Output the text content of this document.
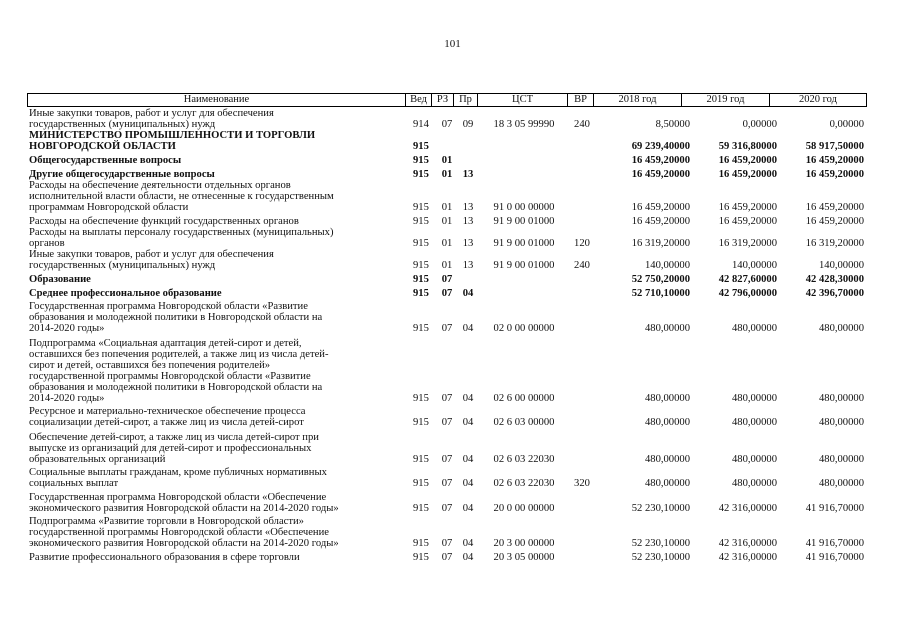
101
Наименование	Вед РЗ	Пр	ЦСТ	ВР	2018 год	2019 год	2020 год
Иные закупки товаров, работ и услуг для обеспечения
государственных (муниципальных) нужд	914	07 09	18 3 05 99990	240	8,50000	0,00000	0,00000
МИНИСТЕРСТВО ПРОМЫШЛЕННОСТИ И ТОРГОВЛИ
НОВГОРОДСКОЙ ОБЛАСТИ	915	69 239,40000	59 316,80000	58 917,50000
Общегосударственные вопросы	915	01	16 459,20000	16 459,20000	16 459,20000
Другие общегосударственные вопросы	915	01 13	16 459,20000	16 459,20000	16 459,20000
Расходы на обеспечение деятельности отдельных органов
исполнительной власти области, не отнесенные к государственным
программам Новгородской области	915	01 13	91 0 00 00000	16 459,20000	16 459,20000	16 459,20000
Расходы на обеспечение функций государственных органов	915	01 13	91 9 00 01000	16 459,20000	16 459,20000	16 459,20000
Расходы на выплаты персоналу государственных (муниципальных)
органов	915	01 13	91 9 00 01000	120	16 319,20000	16 319,20000	16 319,20000
Иные закупки товаров, работ и услуг для обеспечения
государственных (муниципальных) нужд	915	01 13	91 9 00 01000	240	140,00000	140,00000	140,00000
Образование	915	07	52 750,20000	42 827,60000	42 428,30000
Среднее профессиональное образование	915	07 04	52 710,10000	42 796,00000	42 396,70000
Государственная программа Новгородской области «Развитие
образования и молодежной политики в Новгородской области на
2014-2020 годы»	915	07 04	02 0 00 00000	480,00000	480,00000	480,00000
Подпрограмма «Социальная адаптация детей-сирот и детей,
оставшихся без попечения родителей, а также лиц из числа детей-
сирот и детей, оставшихся без попечения родителей»
государственной программы Новгородской области «Развитие
образования и молодежной политики в Новгородской области на
2014-2020 годы»	915	07 04	02 6 00 00000	480,00000	480,00000	480,00000
Ресурсное и материально-техническое обеспечение процесса
социализации детей-сирот, а также лиц из числа детей-сирот	915	07 04	02 6 03 00000	480,00000	480,00000	480,00000
Обеспечение детей-сирот, а также лиц из числа детей-сирот при
выпуске из организаций для детей-сирот и профессиональных
образовательных организаций	915	07 04	02 6 03 22030	480,00000	480,00000	480,00000
Социальные выплаты гражданам, кроме публичных нормативных
социальных выплат	915	07 04	02 6 03 22030	320	480,00000	480,00000	480,00000
Государственная программа Новгородской области «Обеспечение
экономического развития Новгородской области на 2014-2020 годы»	915	07 04	20 0 00 00000	52 230,10000	42 316,00000	41 916,70000
Подпрограмма «Развитие торговли в Новгородской области»
государственной программы Новгородской области «Обеспечение
экономического развития Новгородской области на 2014-2020 годы»	915	07 04	20 3 00 00000	52 230,10000	42 316,00000	41 916,70000
Развитие профессионального образования в сфере торговли	915	07 04	20 3 05 00000	52 230,10000	42 316,00000	41 916,70000
